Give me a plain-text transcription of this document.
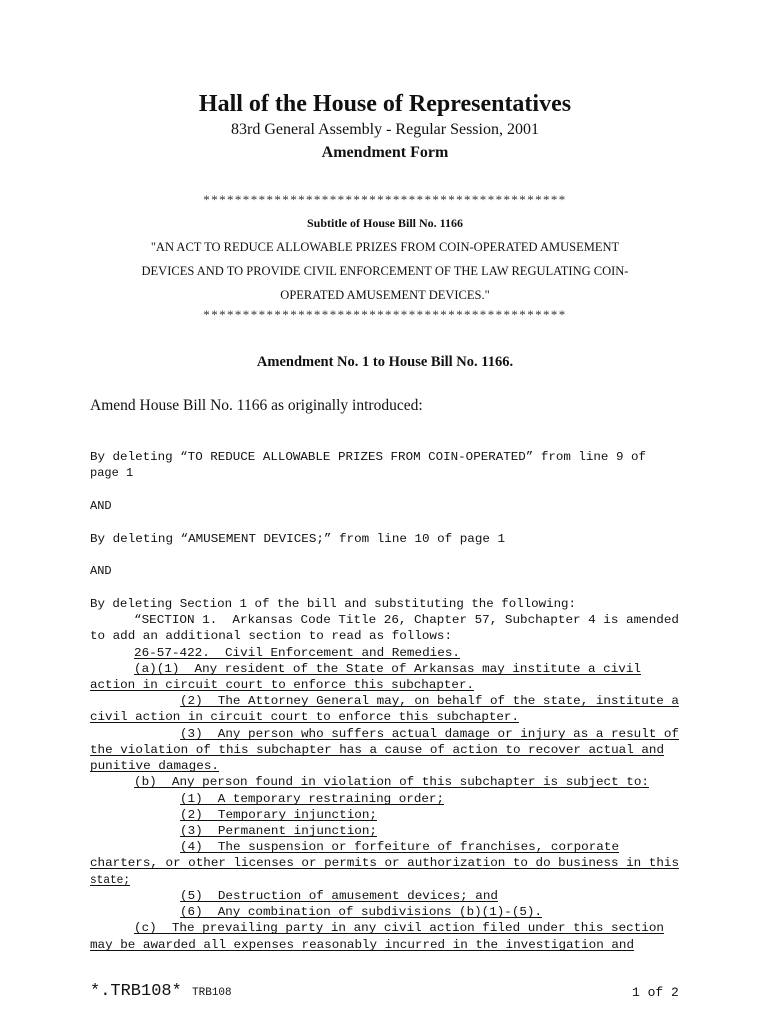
Hall of the House of Representatives
83rd General Assembly - Regular Session, 2001
Amendment Form
**********************************************
Subtitle of House Bill No. 1166
"AN ACT TO REDUCE ALLOWABLE PRIZES FROM COIN-OPERATED AMUSEMENT
DEVICES AND TO PROVIDE CIVIL ENFORCEMENT OF THE LAW REGULATING COIN-
OPERATED AMUSEMENT DEVICES."
**********************************************
Amendment No. 1 to House Bill No. 1166.
Amend House Bill No. 1166 as originally introduced:
By deleting “TO REDUCE ALLOWABLE PRIZES FROM COIN-OPERATED” from line 9 of
page 1
AND
By deleting “AMUSEMENT DEVICES;” from line 10 of page 1
AND
By deleting Section 1 of the bill and substituting the following:
“SECTION 1.  Arkansas Code Title 26, Chapter 57, Subchapter 4 is amended
to add an additional section to read as follows:
26-57-422.  Civil Enforcement and Remedies.
(a)(1)  Any resident of the State of Arkansas may institute a civil
action in circuit court to enforce this subchapter.
(2)  The Attorney General may, on behalf of the state, institute a
civil action in circuit court to enforce this subchapter.
(3)  Any person who suffers actual damage or injury as a result of
the violation of this subchapter has a cause of action to recover actual and
punitive damages.
(b)  Any person found in violation of this subchapter is subject to:
(1)  A temporary restraining order;
(2)  Temporary injunction;
(3)  Permanent injunction;
(4)  The suspension or forfeiture of franchises, corporate
charters, or other licenses or permits or authorization to do business in this
state;
(5)  Destruction of amusement devices; and
(6)  Any combination of subdivisions (b)(1)-(5).
(c)  The prevailing party in any civil action filed under this section
may be awarded all expenses reasonably incurred in the investigation and
*.TRB108* TRB108	1 of 2
